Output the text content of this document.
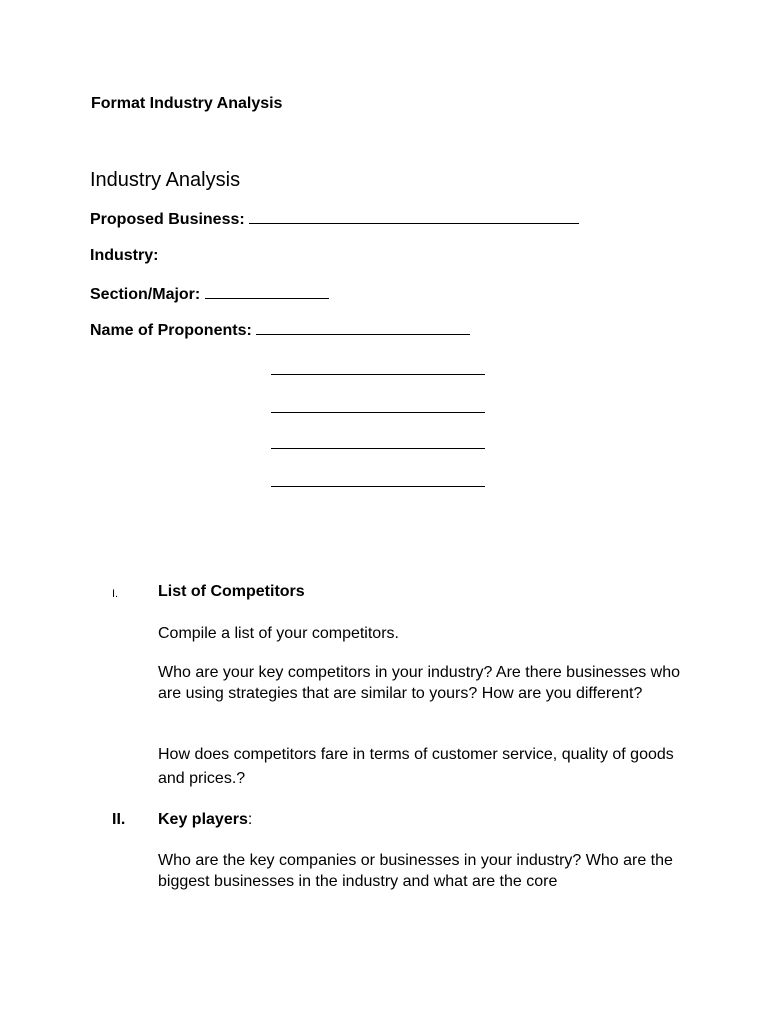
Format Industry Analysis
Industry Analysis
Proposed Business:
Industry:
Section/Major:
Name of Proponents:
I. List of Competitors
Compile a list of your competitors.
Who are your key competitors in your industry? Are there businesses who are using strategies that are similar to yours? How are you different?
How does competitors fare in terms of customer service, quality of goods and prices.?
II. Key players:
Who are the key companies or businesses in your industry? Who are the biggest businesses in the industry and what are the core
